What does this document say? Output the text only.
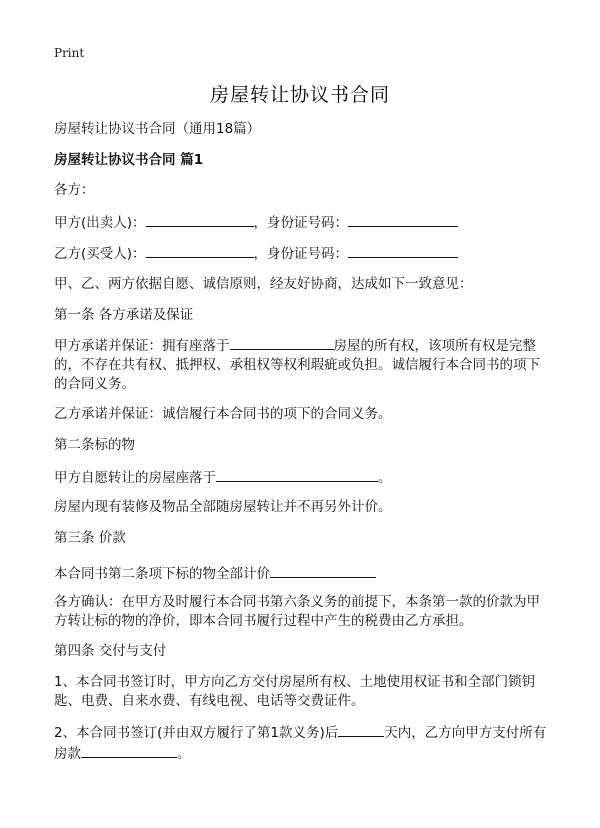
Print
房屋转让协议书合同
房屋转让协议书合同（通用18篇）
房屋转让协议书合同 篇1
各方：
甲方(出卖人)：	，身份证号码：
乙方(买受人)：	，身份证号码：
甲、乙、两方依据自愿、诚信原则，经友好协商，达成如下一致意见：
第一条 各方承诺及保证
甲方承诺并保证：拥有座落于	房屋的所有权，该项所有权是完整的，不存在共有权、抵押权、承租权等权利瑕疵或负担。诚信履行本合同书的项下的合同义务。
乙方承诺并保证：诚信履行本合同书的项下的合同义务。
第二条标的物
甲方自愿转让的房屋座落于	。
房屋内现有装修及物品全部随房屋转让并不再另外计价。
第三条 价款
本合同书第二条项下标的物全部计价
各方确认：在甲方及时履行本合同书第六条义务的前提下，本条第一款的价款为甲方转让标的物的净价，即本合同书履行过程中产生的税费由乙方承担。
第四条 交付与支付
1、本合同书签订时，甲方向乙方交付房屋所有权、土地使用权证书和全部门锁钥匙、电费、自来水费、有线电视、电话等交费证件。
2、本合同书签订(并由双方履行了第1款义务)后	天内，乙方向甲方支付所有房款	。
